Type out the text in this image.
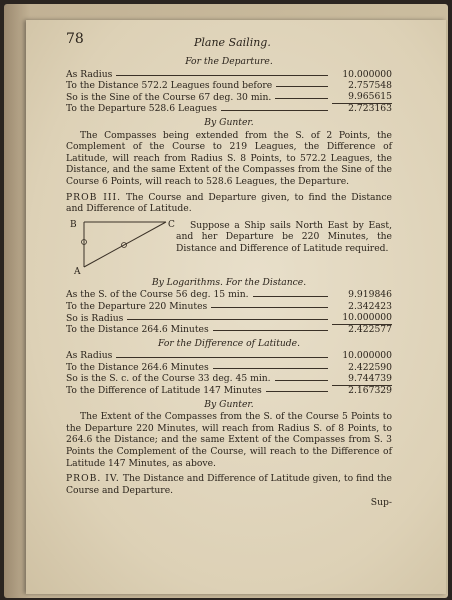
78	Plane Sailing.
For the Departure.
As Radius	10.000000
To the Distance 572.2 Leagues found before	2.757548
So is the Sine of the Course 67 deg. 30 min.	9.965615
To the Departure 528.6 Leagues	2.723163
By Gunter.
The Compasses being extended from the S. of 2 Points, the Complement of the Course to 219 Leagues, the Difference of Latitude, will reach from Radius S. 8 Points, to 572.2 Leagues, the Distance, and the same Extent of the Compasses from the Sine of the Course 6 Points, will reach to 528.6 Leagues, the Departure.
PROB III. The Course and Departure given, to find the Distance and Difference of Latitude.
B	C
A
Suppose a Ship sails North East by East, and her Departure be 220 Minutes, the Distance and Difference of Latitude required.
By Logarithms. For the Distance.
As the S. of the Course 56 deg. 15 min.	9.919846
To the Departure 220 Minutes	2.342423
So is Radius	10.000000
To the Distance 264.6 Minutes	2.422577
For the Difference of Latitude.
As Radius	10.000000
To the Distance 264.6 Minutes	2.422590
So is the S. c. of the Course 33 deg. 45 min.	9.744739
To the Difference of Latitude 147 Minutes	2.167329
By Gunter.
The Extent of the Compasses from the S. of the Course 5 Points to the Departure 220 Minutes, will reach from Radius S. of 8 Points, to 264.6 the Distance; and the same Extent of the Compasses from S. 3 Points the Complement of the Course, will reach to the Difference of Latitude 147 Minutes, as above.
PROB. IV. The Distance and Difference of Latitude given, to find the Course and Departure.
Sup-
